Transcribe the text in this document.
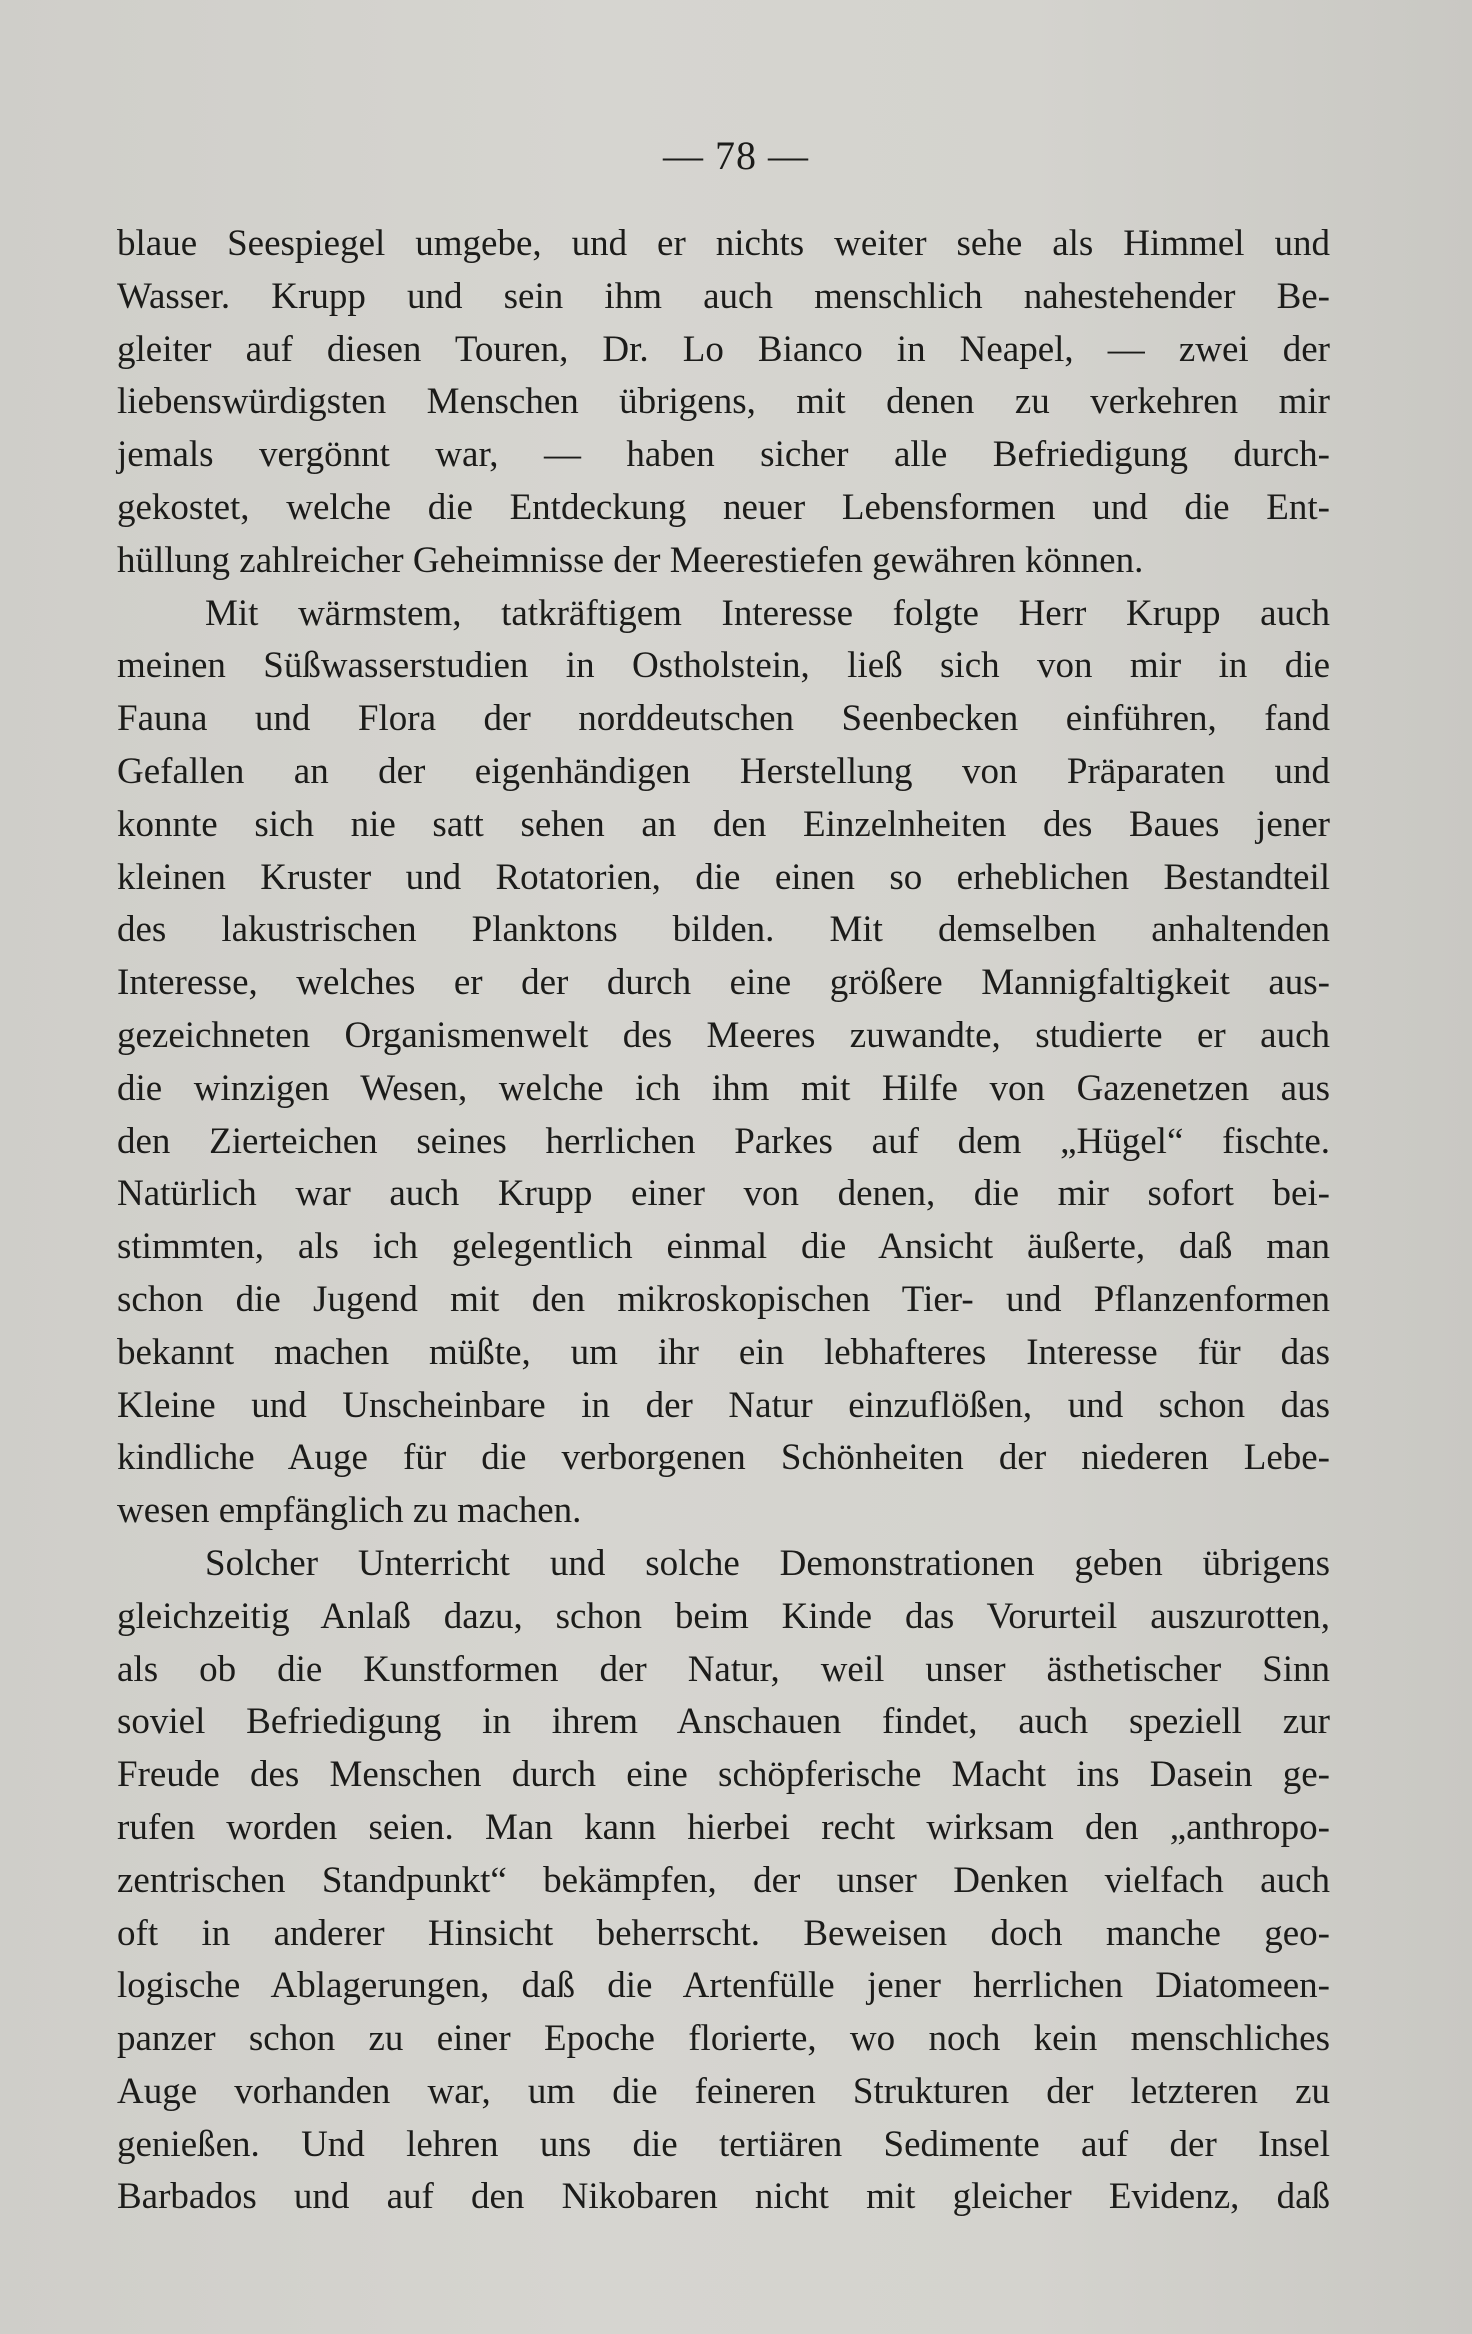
— 78 —
blaue Seespiegel umgebe, und er nichts weiter sehe als Himmel und
Wasser. Krupp und sein ihm auch menschlich nahestehender Be-
gleiter auf diesen Touren, Dr. Lo Bianco in Neapel, — zwei der
liebenswürdigsten Menschen übrigens, mit denen zu verkehren mir
jemals vergönnt war, — haben sicher alle Befriedigung durch-
gekostet, welche die Entdeckung neuer Lebensformen und die Ent-
hüllung zahlreicher Geheimnisse der Meerestiefen gewähren können.
Mit wärmstem, tatkräftigem Interesse folgte Herr Krupp auch
meinen Süßwasserstudien in Ostholstein, ließ sich von mir in die
Fauna und Flora der norddeutschen Seenbecken einführen, fand
Gefallen an der eigenhändigen Herstellung von Präparaten und
konnte sich nie satt sehen an den Einzelnheiten des Baues jener
kleinen Kruster und Rotatorien, die einen so erheblichen Bestandteil
des lakustrischen Planktons bilden. Mit demselben anhaltenden
Interesse, welches er der durch eine größere Mannigfaltigkeit aus-
gezeichneten Organismenwelt des Meeres zuwandte, studierte er auch
die winzigen Wesen, welche ich ihm mit Hilfe von Gazenetzen aus
den Zierteichen seines herrlichen Parkes auf dem „Hügel“ fischte.
Natürlich war auch Krupp einer von denen, die mir sofort bei-
stimmten, als ich gelegentlich einmal die Ansicht äußerte, daß man
schon die Jugend mit den mikroskopischen Tier- und Pflanzenformen
bekannt machen müßte, um ihr ein lebhafteres Interesse für das
Kleine und Unscheinbare in der Natur einzuflößen, und schon das
kindliche Auge für die verborgenen Schönheiten der niederen Lebe-
wesen empfänglich zu machen.
Solcher Unterricht und solche Demonstrationen geben übrigens
gleichzeitig Anlaß dazu, schon beim Kinde das Vorurteil auszurotten,
als ob die Kunstformen der Natur, weil unser ästhetischer Sinn
soviel Befriedigung in ihrem Anschauen findet, auch speziell zur
Freude des Menschen durch eine schöpferische Macht ins Dasein ge-
rufen worden seien. Man kann hierbei recht wirksam den „anthropo-
zentrischen Standpunkt“ bekämpfen, der unser Denken vielfach auch
oft in anderer Hinsicht beherrscht. Beweisen doch manche geo-
logische Ablagerungen, daß die Artenfülle jener herrlichen Diatomeen-
panzer schon zu einer Epoche florierte, wo noch kein menschliches
Auge vorhanden war, um die feineren Strukturen der letzteren zu
genießen. Und lehren uns die tertiären Sedimente auf der Insel
Barbados und auf den Nikobaren nicht mit gleicher Evidenz, daß
